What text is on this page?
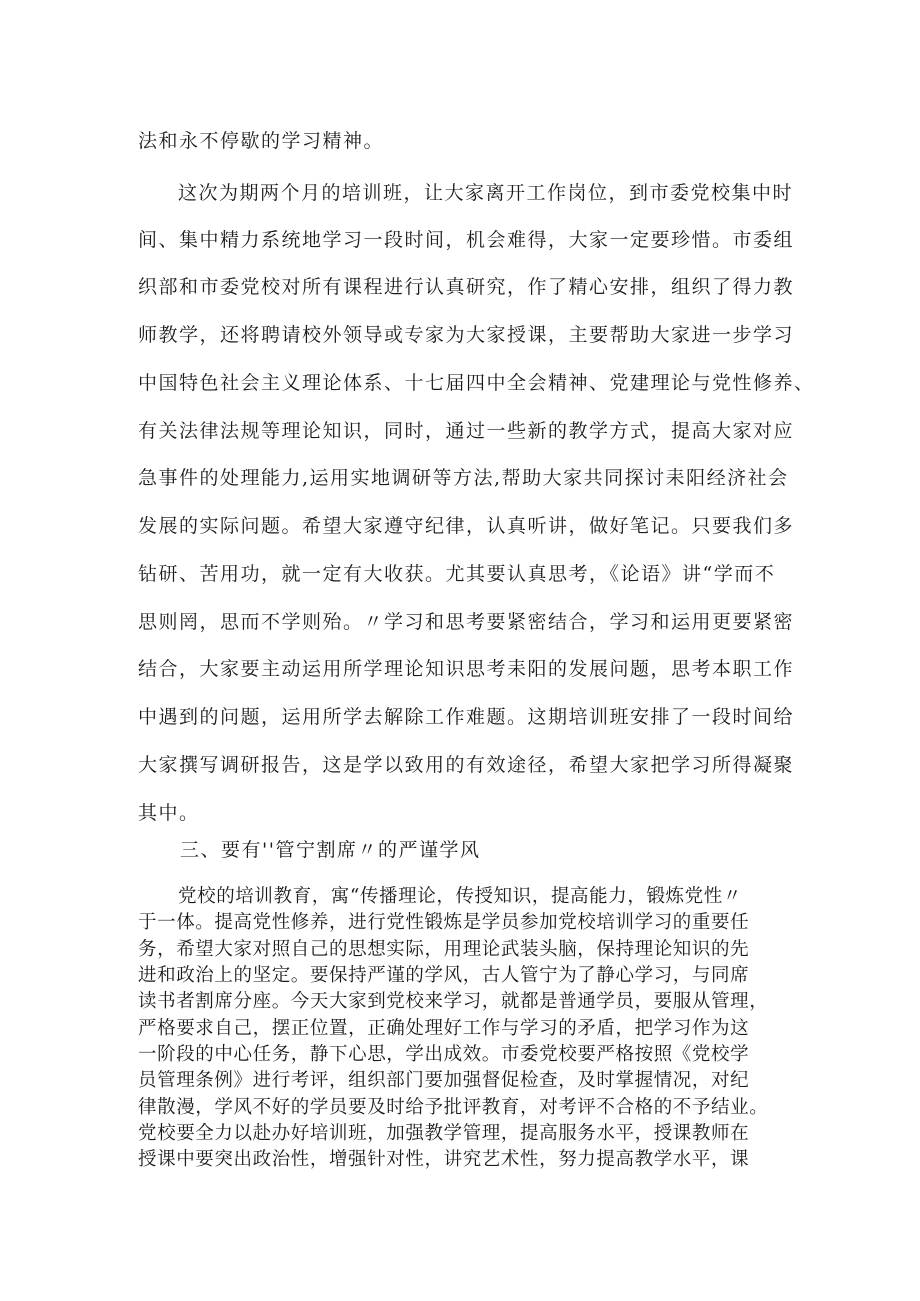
法和永不停歇的学习精神。
这次为期两个月的培训班，让大家离开工作岗位，到市委党校集中时
间、集中精力系统地学习一段时间，机会难得，大家一定要珍惜。市委组
织部和市委党校对所有课程进行认真研究，作了精心安排，组织了得力教
师教学，还将聘请校外领导或专家为大家授课，主要帮助大家进一步学习
中国特色社会主义理论体系、十七届四中全会精神、党建理论与党性修养、
有关法律法规等理论知识，同时，通过一些新的教学方式，提高大家对应
急事件的处理能力,运用实地调研等方法,帮助大家共同探讨耒阳经济社会
发展的实际问题。希望大家遵守纪律，认真听讲，做好笔记。只要我们多
钻研、苦用功，就一定有大收获。尤其要认真思考，《论语》讲“学而不
思则罔，思而不学则殆。〃学习和思考要紧密结合，学习和运用更要紧密
结合，大家要主动运用所学理论知识思考耒阳的发展问题，思考本职工作
中遇到的问题，运用所学去解除工作难题。这期培训班安排了一段时间给
大家撰写调研报告，这是学以致用的有效途径，希望大家把学习所得凝聚
其中。
三、要有''管宁割席〃的严谨学风
党校的培训教育，寓“传播理论，传授知识，提高能力，锻炼党性〃
于一体。提高党性修养，进行党性锻炼是学员参加党校培训学习的重要任
务，希望大家对照自己的思想实际，用理论武装头脑，保持理论知识的先
进和政治上的坚定。要保持严谨的学风，古人管宁为了静心学习，与同席
读书者割席分座。今天大家到党校来学习，就都是普通学员，要服从管理，
严格要求自己，摆正位置，正确处理好工作与学习的矛盾，把学习作为这
一阶段的中心任务，静下心思，学出成效。市委党校要严格按照《党校学
员管理条例》进行考评，组织部门要加强督促检查，及时掌握情况，对纪
律散漫，学风不好的学员要及时给予批评教育，对考评不合格的不予结业。
党校要全力以赴办好培训班，加强教学管理，提高服务水平，授课教师在
授课中要突出政治性，增强针对性，讲究艺术性，努力提高教学水平，课
